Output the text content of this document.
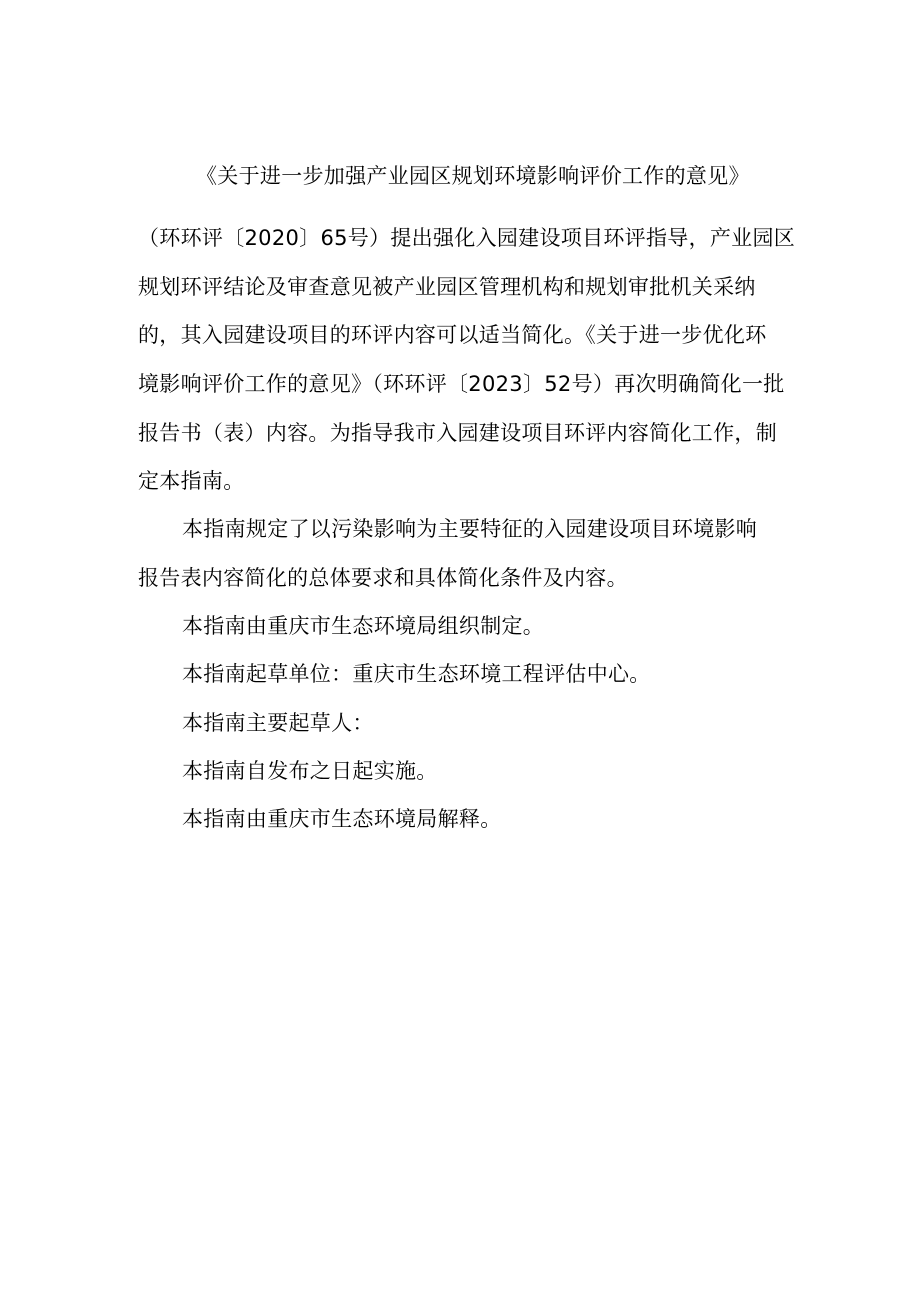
《关于进一步加强产业园区规划环境影响评价工作的意见》

（环环评〔2020〕65号）提出强化入园建设项目环评指导，产业园区

规划环评结论及审查意见被产业园区管理机构和规划审批机关采纳

的，其入园建设项目的环评内容可以适当简化。《关于进一步优化环

境影响评价工作的意见》（环环评〔2023〕52号）再次明确简化一批

报告书（表）内容。为指导我市入园建设项目环评内容简化工作，制

定本指南。

本指南规定了以污染影响为主要特征的入园建设项目环境影响

报告表内容简化的总体要求和具体简化条件及内容。

本指南由重庆市生态环境局组织制定。

本指南起草单位：重庆市生态环境工程评估中心。

本指南主要起草人：

本指南自发布之日起实施。

本指南由重庆市生态环境局解释。
